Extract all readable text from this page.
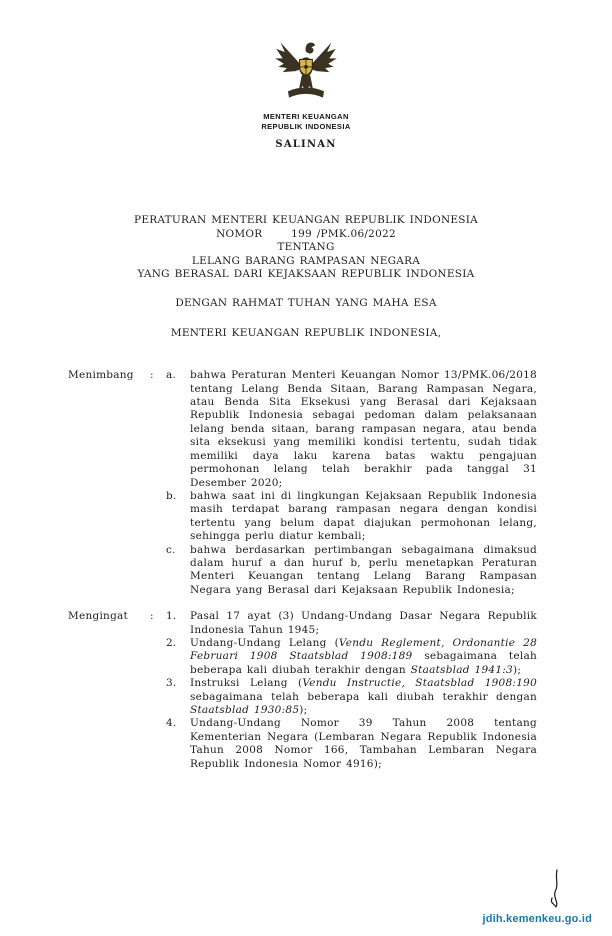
MENTERI KEUANGAN
REPUBLIK INDONESIA
SALINAN
PERATURAN MENTERI KEUANGAN REPUBLIK INDONESIA
NOMOR      199 /PMK.06/2022
TENTANG
LELANG BARANG RAMPASAN NEGARA
YANG BERASAL DARI KEJAKSAAN REPUBLIK INDONESIA
DENGAN RAHMAT TUHAN YANG MAHA ESA
MENTERI KEUANGAN REPUBLIK INDONESIA,
Menimbang	:	a.	bahwa Peraturan Menteri Keuangan Nomor 13/PMK.06/2018 tentang Lelang Benda Sitaan, Barang Rampasan Negara, atau Benda Sita Eksekusi yang Berasal dari Kejaksaan Republik Indonesia sebagai pedoman dalam pelaksanaan lelang benda sitaan, barang rampasan negara, atau benda sita eksekusi yang memiliki kondisi tertentu, sudah tidak memiliki daya laku karena batas waktu pengajuan permohonan lelang telah berakhir pada tanggal 31 Desember 2020;
b.	bahwa saat ini di lingkungan Kejaksaan Republik Indonesia masih terdapat barang rampasan negara dengan kondisi tertentu yang belum dapat diajukan permohonan lelang, sehingga perlu diatur kembali;
c.	bahwa berdasarkan pertimbangan sebagaimana dimaksud dalam huruf a dan huruf b, perlu menetapkan Peraturan Menteri Keuangan tentang Lelang Barang Rampasan Negara yang Berasal dari Kejaksaan Republik Indonesia;
Mengingat	:	1.	Pasal 17 ayat (3) Undang-Undang Dasar Negara Republik Indonesia Tahun 1945;
2.	Undang-Undang Lelang (Vendu Reglement, Ordonantie 28 Februari 1908 Staatsblad 1908:189 sebagaimana telah beberapa kali diubah terakhir dengan Staatsblad 1941:3);
3.	Instruksi Lelang (Vendu Instructie, Staatsblad 1908:190 sebagaimana telah beberapa kali diubah terakhir dengan Staatsblad 1930:85);
4.	Undang-Undang Nomor 39 Tahun 2008 tentang Kementerian Negara (Lembaran Negara Republik Indonesia Tahun 2008 Nomor 166, Tambahan Lembaran Negara Republik Indonesia Nomor 4916);
jdih.kemenkeu.go.id
